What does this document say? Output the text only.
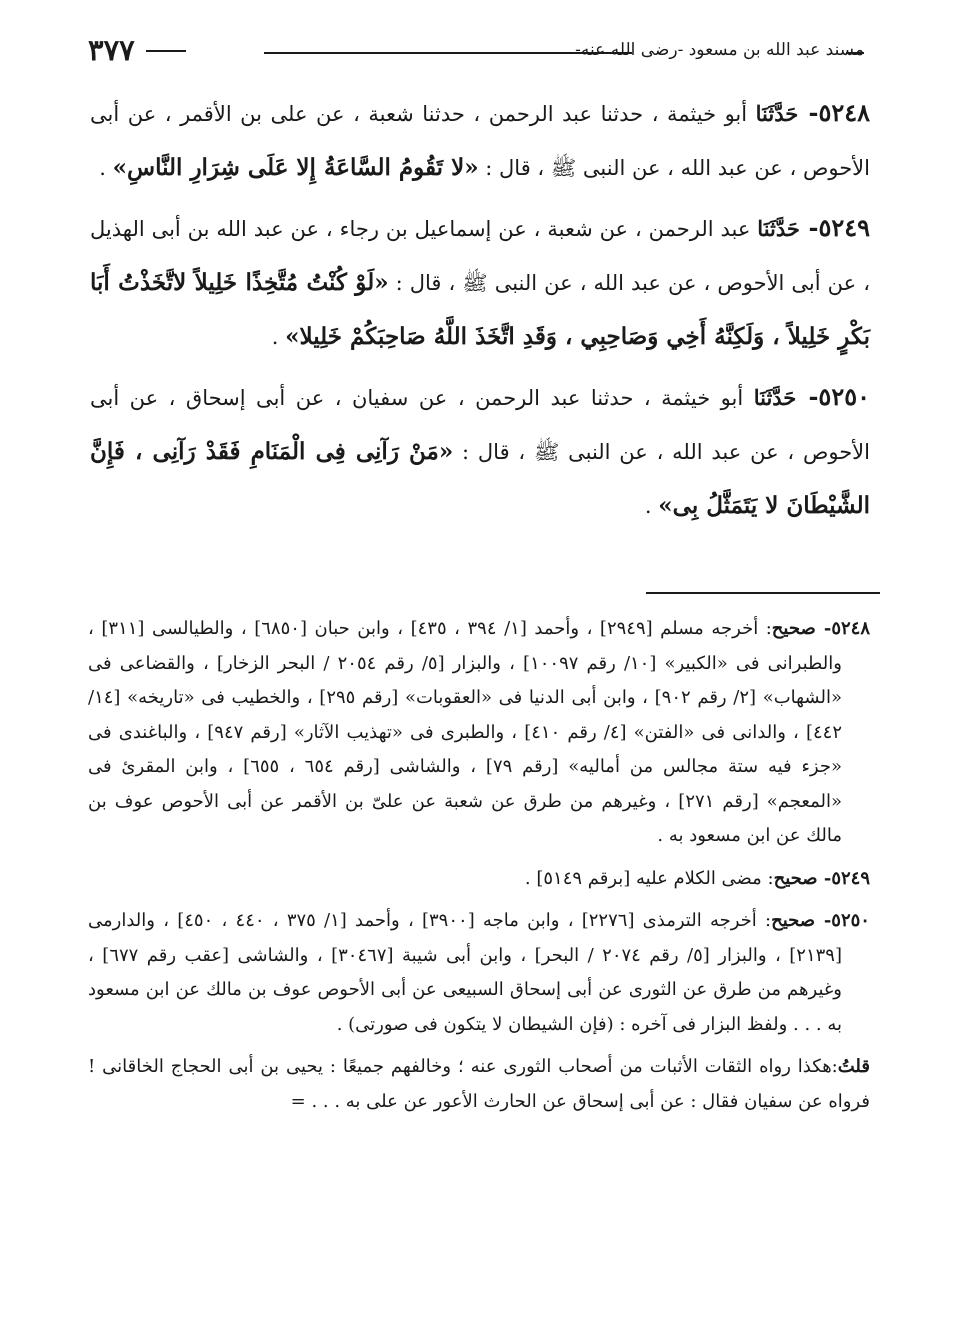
٣٧٧	مسند عبد الله بن مسعود -رضى الله عنه-

٥٢٤٨- حَدَّثَنَا أبو خيثمة ، حدثنا عبد الرحمن ، حدثنا شعبة ، عن على بن الأقمر ، عن أبى الأحوص ، عن عبد الله ، عن النبى ﷺ ، قال : «لا تَقُومُ السَّاعَةُ إِلا عَلَى شِرَارِ النَّاسِ» .

٥٢٤٩- حَدَّثَنَا عبد الرحمن ، عن شعبة ، عن إسماعيل بن رجاء ، عن عبد الله بن أبى الهذيل ، عن أبى الأحوص ، عن عبد الله ، عن النبى ﷺ ، قال : «لَوْ كُنْتُ مُتَّخِذًا خَلِيلاً لاتَّخَذْتُ أَبَا بَكْرٍ خَلِيلاً ، وَلَكِنَّهُ أَخِي وَصَاحِبِي ، وَقَدِ اتَّخَذَ اللَّهُ صَاحِبَكُمْ خَلِيلا» .

٥٢٥٠- حَدَّثَنَا أبو خيثمة ، حدثنا عبد الرحمن ، عن سفيان ، عن أبى إسحاق ، عن أبى الأحوص ، عن عبد الله ، عن النبى ﷺ ، قال : «مَنْ رَآنِى فِى الْمَنَامِ فَقَدْ رَآنِى ، فَإِنَّ الشَّيْطَانَ لا يَتَمَثَّلُ بِى» .

٥٢٤٨- صحيح: أخرجه مسلم [٢٩٤٩] ، وأحمد [١/ ٣٩٤ ، ٤٣٥] ، وابن حبان [٦٨٥٠] ، والطيالسى [٣١١] ، والطبرانى فى «الكبير» [١٠/ رقم ١٠٠٩٧] ، والبزار [٥/ رقم ٢٠٥٤ / البحر الزخار] ، والقضاعى فى «الشهاب» [٢/ رقم ٩٠٢] ، وابن أبى الدنيا فى «العقوبات» [رقم ٢٩٥] ، والخطيب فى «تاريخه» [١٤/ ٤٤٢] ، والدانى فى «الفتن» [٤/ رقم ٤١٠] ، والطبرى فى «تهذيب الآثار» [رقم ٩٤٧] ، والباغندى فى «جزء فيه ستة مجالس من أماليه» [رقم ٧٩] ، والشاشى [رقم ٦٥٤ ، ٦٥٥] ، وابن المقرئ فى «المعجم» [رقم ٢٧١] ، وغيرهم من طرق عن شعبة عن علىّ بن الأقمر عن أبى الأحوص عوف بن مالك عن ابن مسعود به .

٥٢٤٩- صحيح: مضى الكلام عليه [برقم ٥١٤٩] .

٥٢٥٠- صحيح: أخرجه الترمذى [٢٢٧٦] ، وابن ماجه [٣٩٠٠] ، وأحمد [١/ ٣٧٥ ، ٤٤٠ ، ٤٥٠] ، والدارمى [٢١٣٩] ، والبزار [٥/ رقم ٢٠٧٤ / البحر] ، وابن أبى شيبة [٣٠٤٦٧] ، والشاشى [عقب رقم ٦٧٧] ، وغيرهم من طرق عن الثورى عن أبى إسحاق السبيعى عن أبى الأحوص عوف بن مالك عن ابن مسعود به . . . ولفظ البزار فى آخره : (فإن الشيطان لا يتكون فى صورتى) .

قلتُ:هكذا رواه الثقات الأثبات من أصحاب الثورى عنه ؛ وخالفهم جميعًا : يحيى بن أبى الحجاج الخاقانى ! فرواه عن سفيان فقال : عن أبى إسحاق عن الحارث الأعور عن على به . . . =
